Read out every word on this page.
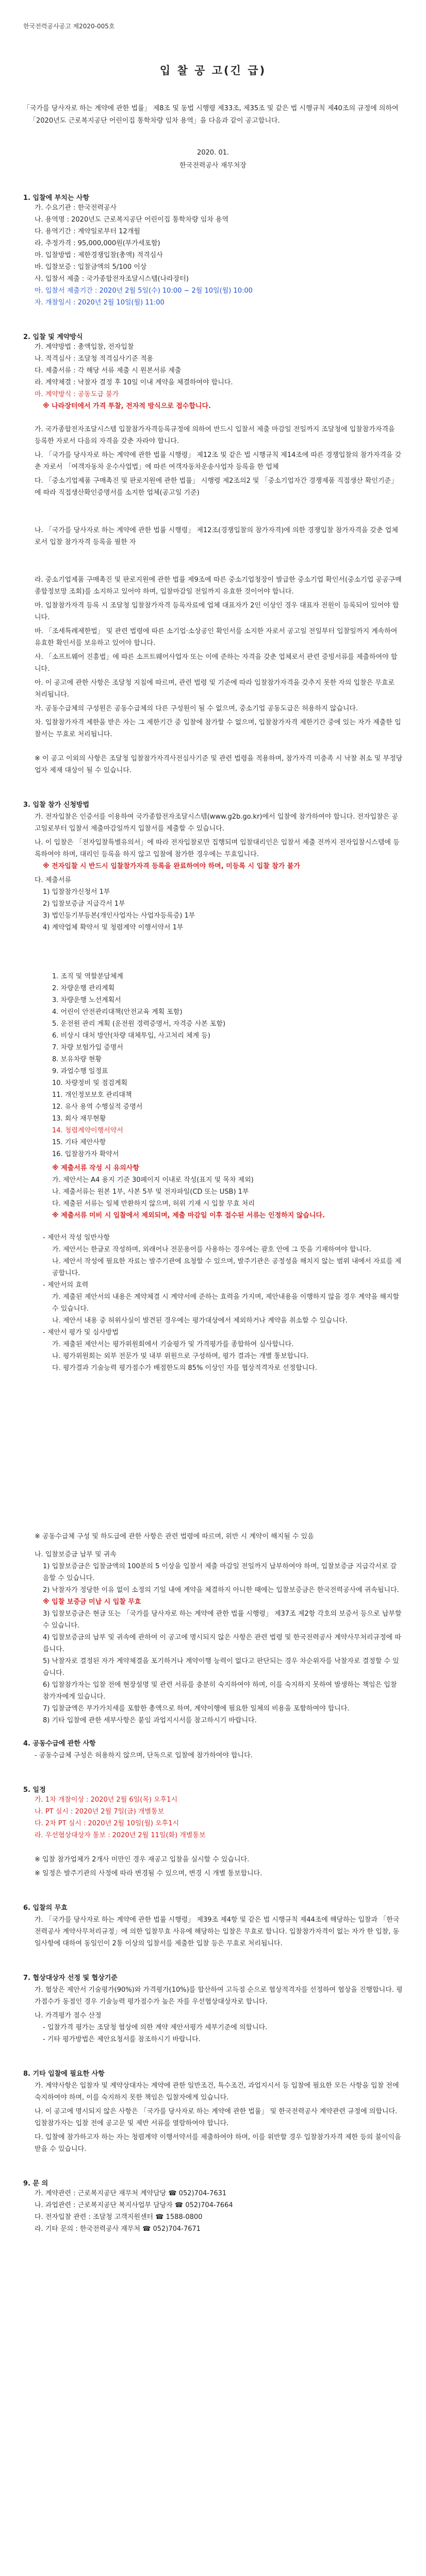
한국전력공사공고 제2020-005호
입 찰 공 고(긴 급)
「국가를 당사자로 하는 계약에 관한 법률」 제8조 및 동법 시행령 제33조, 제35조 및 같은 법 시행규칙 제40조의 규정에 의하여 「2020년도 근로복지공단 어린이집 통학차량 임차 용역」을 다음과 같이 공고합니다.
2020. 01.
한국전력공사 재무처장
1. 입찰에 부치는 사항
가. 수요기관 : 한국전력공사
나. 용역명 : 2020년도 근로복지공단 어린이집 통학차량 임차 용역
다. 용역기간 : 계약일로부터 12개월
라. 추정가격 : 95,000,000원(부가세포함)
마. 입찰방법 : 제한경쟁입찰(총액) 적격심사
바. 입찰보증 : 입찰금액의 5/100 이상
사. 입찰서 제출 : 국가종합전자조달시스템(나라장터)
아. 입찰서 제출기간 : 2020년 2월 5일(수) 10:00 ~ 2월 10일(월) 10:00
자. 개찰일시 : 2020년 2월 10일(월) 11:00
2. 입찰 및 계약방식
가. 계약방법 : 총액입찰, 전자입찰
나. 적격심사 : 조달청 적격심사기준 적용
다. 제출서류 : 각 해당 서류 제출 시 원본서류 제출
라. 계약체결 : 낙찰자 결정 후 10일 이내 계약을 체결하여야 합니다.
마. 계약방식 : 공동도급 불가
※ 나라장터에서 가격 투찰, 전자적 방식으로 접수합니다.
가. 국가종합전자조달시스템 입찰참가자격등록규정에 의하여 반드시 입찰서 제출 마감일 전일까지 조달청에 입찰참가자격을 등록한 자로서 다음의 자격을 갖춘 자라야 합니다.
나. 「국가를 당사자로 하는 계약에 관한 법률 시행령」 제12조 및 같은 법 시행규칙 제14조에 따른 경쟁입찰의 참가자격을 갖춘 자로서 「여객자동차 운수사업법」에 따른 여객자동차운송사업자 등록을 한 업체
다. 「중소기업제품 구매촉진 및 판로지원에 관한 법률」 시행령 제2조의2 및 「중소기업자간 경쟁제품 직접생산 확인기준」에 따라 직접생산확인증명서를 소지한 업체(공고일 기준)
나. 「국가를 당사자로 하는 계약에 관한 법률 시행령」 제12조(경쟁입찰의 참가자격)에 의한 경쟁입찰 참가자격을 갖춘 업체로서 입찰 참가자격 등록을 필한 자
라. 중소기업제품 구매촉진 및 판로지원에 관한 법률 제9조에 따른 중소기업청장이 발급한 중소기업 확인서(중소기업 공공구매 종합정보망 조회)를 소지하고 있어야 하며, 입찰마감일 전일까지 유효한 것이어야 합니다.
마. 입찰참가자격 등록 시 조달청 입찰참가자격 등록자료에 업체 대표자가 2인 이상인 경우 대표자 전원이 등록되어 있어야 합니다.
바. 「조세특례제한법」 및 관련 법령에 따른 소기업·소상공인 확인서를 소지한 자로서 공고일 전일부터 입찰일까지 계속하여 유효한 확인서를 보유하고 있어야 합니다.
사. 「소프트웨어 진흥법」에 따른 소프트웨어사업자 또는 이에 준하는 자격을 갖춘 업체로서 관련 증빙서류를 제출하여야 합니다.
아. 이 공고에 관한 사항은 조달청 지침에 따르며, 관련 법령 및 기준에 따라 입찰참가자격을 갖추지 못한 자의 입찰은 무효로 처리됩니다.
자. 공동수급체의 구성원은 공동수급체의 다른 구성원이 될 수 없으며, 중소기업 공동도급은 허용하지 않습니다.
차. 입찰참가자격 제한을 받은 자는 그 제한기간 중 입찰에 참가할 수 없으며, 입찰참가자격 제한기간 중에 있는 자가 제출한 입찰서는 무효로 처리됩니다.
※ 이 공고 이외의 사항은 조달청 입찰참가자격사전심사기준 및 관련 법령을 적용하며, 참가자격 미충족 시 낙찰 취소 및 부정당업자 제재 대상이 될 수 있습니다.
3. 입찰 참가 신청방법
가. 전자입찰은 인증서를 이용하여 국가종합전자조달시스템(www.g2b.go.kr)에서 입찰에 참가하여야 합니다. 전자입찰은 공고일로부터 입찰서 제출마감일까지 입찰서를 제출할 수 있습니다.
나. 이 입찰은 「전자입찰특별유의서」에 따라 전자입찰로만 집행되며 입찰대리인은 입찰서 제출 전까지 전자입찰시스템에 등록하여야 하며, 대리인 등록을 하지 않고 입찰에 참가한 경우에는 무효입니다.
※ 전자입찰 시 반드시 입찰참가자격 등록을 완료하여야 하며, 미등록 시 입찰 참가 불가
다. 제출서류
1) 입찰참가신청서 1부
2) 입찰보증금 지급각서 1부
3) 법인등기부등본(개인사업자는 사업자등록증) 1부
4) 계약업체 확약서 및 청렴계약 이행서약서 1부
1. 조직 및 역할분담체계
2. 차량운행 관리계획
3. 차량운행 노선계획서
4. 어린이 안전관리대책(안전교육 계획 포함)
5. 운전원 관리 계획 (운전원 경력증명서, 자격증 사본 포함)
6. 비상시 대처 방안(차량 대체투입, 사고처리 체계 등)
7. 차량 보험가입 증명서
8. 보유차량 현황
9. 과업수행 일정표
10. 차량정비 및 점검계획
11. 개인정보보호 관리대책
12. 유사 용역 수행실적 증명서
13. 회사 재무현황
14. 청렴계약이행서약서
15. 기타 제안사항
16. 입찰참가자 확약서
※ 제출서류 작성 시 유의사항
가. 제안서는 A4 용지 기준 30페이지 이내로 작성(표지 및 목차 제외)
나. 제출서류는 원본 1부, 사본 5부 및 전자파일(CD 또는 USB) 1부
다. 제출된 서류는 일체 반환하지 않으며, 허위 기재 시 입찰 무효 처리
※ 제출서류 미비 시 입찰에서 제외되며, 제출 마감일 이후 접수된 서류는 인정하지 않습니다.
- 제안서 작성 일반사항
가. 제안서는 한글로 작성하며, 외래어나 전문용어를 사용하는 경우에는 괄호 안에 그 뜻을 기재하여야 합니다.
나. 제안서 작성에 필요한 자료는 발주기관에 요청할 수 있으며, 발주기관은 공정성을 해치지 않는 범위 내에서 자료를 제공합니다.
- 제안서의 효력
가. 제출된 제안서의 내용은 계약체결 시 계약서에 준하는 효력을 가지며, 제안내용을 이행하지 않을 경우 계약을 해지할 수 있습니다.
나. 제안서 내용 중 허위사실이 발견된 경우에는 평가대상에서 제외하거나 계약을 취소할 수 있습니다.
- 제안서 평가 및 심사방법
가. 제출된 제안서는 평가위원회에서 기술평가 및 가격평가를 종합하여 심사합니다.
나. 평가위원회는 외부 전문가 및 내부 위원으로 구성하며, 평가 결과는 개별 통보합니다.
다. 평가결과 기술능력 평가점수가 배점한도의 85% 이상인 자를 협상적격자로 선정합니다.
※ 공동수급체 구성 및 하도급에 관한 사항은 관련 법령에 따르며, 위반 시 계약이 해지될 수 있음
나. 입찰보증금 납부 및 귀속
1) 입찰보증금은 입찰금액의 100분의 5 이상을 입찰서 제출 마감일 전일까지 납부하여야 하며, 입찰보증금 지급각서로 갈음할 수 있습니다.
2) 낙찰자가 정당한 이유 없이 소정의 기일 내에 계약을 체결하지 아니한 때에는 입찰보증금은 한국전력공사에 귀속됩니다.
※ 입찰 보증금 미납 시 입찰 무효
3) 입찰보증금은 현금 또는 「국가를 당사자로 하는 계약에 관한 법률 시행령」 제37조 제2항 각호의 보증서 등으로 납부할 수 있습니다.
4) 입찰보증금의 납부 및 귀속에 관하여 이 공고에 명시되지 않은 사항은 관련 법령 및 한국전력공사 계약사무처리규정에 따릅니다.
5) 낙찰자로 결정된 자가 계약체결을 포기하거나 계약이행 능력이 없다고 판단되는 경우 차순위자를 낙찰자로 결정할 수 있습니다.
6) 입찰참가자는 입찰 전에 현장설명 및 관련 서류를 충분히 숙지하여야 하며, 이를 숙지하지 못하여 발생하는 책임은 입찰참가자에게 있습니다.
7) 입찰금액은 부가가치세를 포함한 총액으로 하며, 계약이행에 필요한 일체의 비용을 포함하여야 합니다.
8) 기타 입찰에 관한 세부사항은 붙임 과업지시서를 참고하시기 바랍니다.
4. 공동수급에 관한 사항
- 공동수급체 구성은 허용하지 않으며, 단독으로 입찰에 참가하여야 합니다.
5. 일정
가. 1차 개찰이상 : 2020년 2월 6일(목) 오후1시
나. PT 실시 : 2020년 2월 7일(금) 개별통보
다. 2차 PT 실시 : 2020년 2월 10일(월) 오후1시
라. 우선협상대상자 통보 : 2020년 2월 11일(화) 개별통보
※ 입찰 참가업체가 2개사 미만인 경우 재공고 입찰을 실시할 수 있습니다.
※ 일정은 발주기관의 사정에 따라 변경될 수 있으며, 변경 시 개별 통보합니다.
6. 입찰의 무효
가. 「국가를 당사자로 하는 계약에 관한 법률 시행령」 제39조 제4항 및 같은 법 시행규칙 제44조에 해당하는 입찰과 「한국전력공사 계약사무처리규정」에 의한 입찰무효 사유에 해당하는 입찰은 무효로 합니다. 입찰참가자격이 없는 자가 한 입찰, 동일사항에 대하여 동일인이 2통 이상의 입찰서를 제출한 입찰 등은 무효로 처리됩니다.
7. 협상대상자 선정 및 협상기준
가. 협상은 제안서 기술평가(90%)와 가격평가(10%)를 합산하여 고득점 순으로 협상적격자를 선정하여 협상을 진행합니다. 평가점수가 동점인 경우 기술능력 평가점수가 높은 자를 우선협상대상자로 합니다.
나. 가격평가 점수 산정
- 입찰가격 평가는 조달청 협상에 의한 계약 제안서평가 세부기준에 의합니다.
- 기타 평가방법은 제안요청서를 참조하시기 바랍니다.
8. 기타 입찰에 필요한 사항
가. 계약사항은 입찰자 및 계약상대자는 계약에 관한 일반조건, 특수조건, 과업지시서 등 입찰에 필요한 모든 사항을 입찰 전에 숙지하여야 하며, 이를 숙지하지 못한 책임은 입찰자에게 있습니다.
나. 이 공고에 명시되지 않은 사항은 「국가를 당사자로 하는 계약에 관한 법률」 및 한국전력공사 계약관련 규정에 의합니다. 입찰참가자는 입찰 전에 공고문 및 제반 서류를 열람하여야 합니다.
다. 입찰에 참가하고자 하는 자는 청렴계약 이행서약서를 제출하여야 하며, 이를 위반할 경우 입찰참가자격 제한 등의 불이익을 받을 수 있습니다.
9. 문 의
가. 계약관련 : 근로복지공단 재무처 계약담당 ☎ 052)704-7631
나. 과업관련 : 근로복지공단 복지사업부 담당자 ☎ 052)704-7664
다. 전자입찰 관련 : 조달청 고객지원센터 ☎ 1588-0800
라. 기타 문의 : 한국전력공사 재무처 ☎ 052)704-7671
